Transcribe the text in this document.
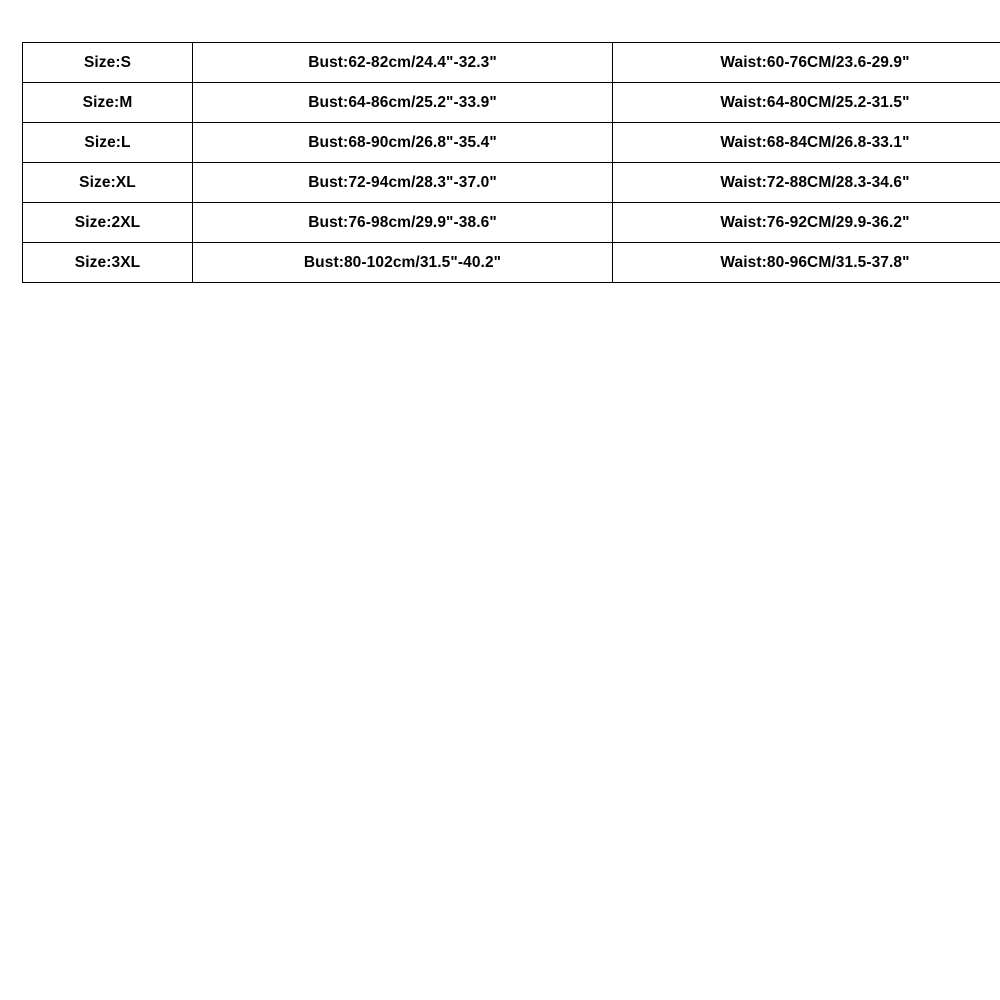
Size:S	Bust:62-82cm/24.4"-32.3"	Waist:60-76CM/23.6-29.9"
Size:M	Bust:64-86cm/25.2"-33.9"	Waist:64-80CM/25.2-31.5"
Size:L	Bust:68-90cm/26.8"-35.4"	Waist:68-84CM/26.8-33.1"
Size:XL	Bust:72-94cm/28.3"-37.0"	Waist:72-88CM/28.3-34.6"
Size:2XL	Bust:76-98cm/29.9"-38.6"	Waist:76-92CM/29.9-36.2"
Size:3XL	Bust:80-102cm/31.5"-40.2"	Waist:80-96CM/31.5-37.8"
